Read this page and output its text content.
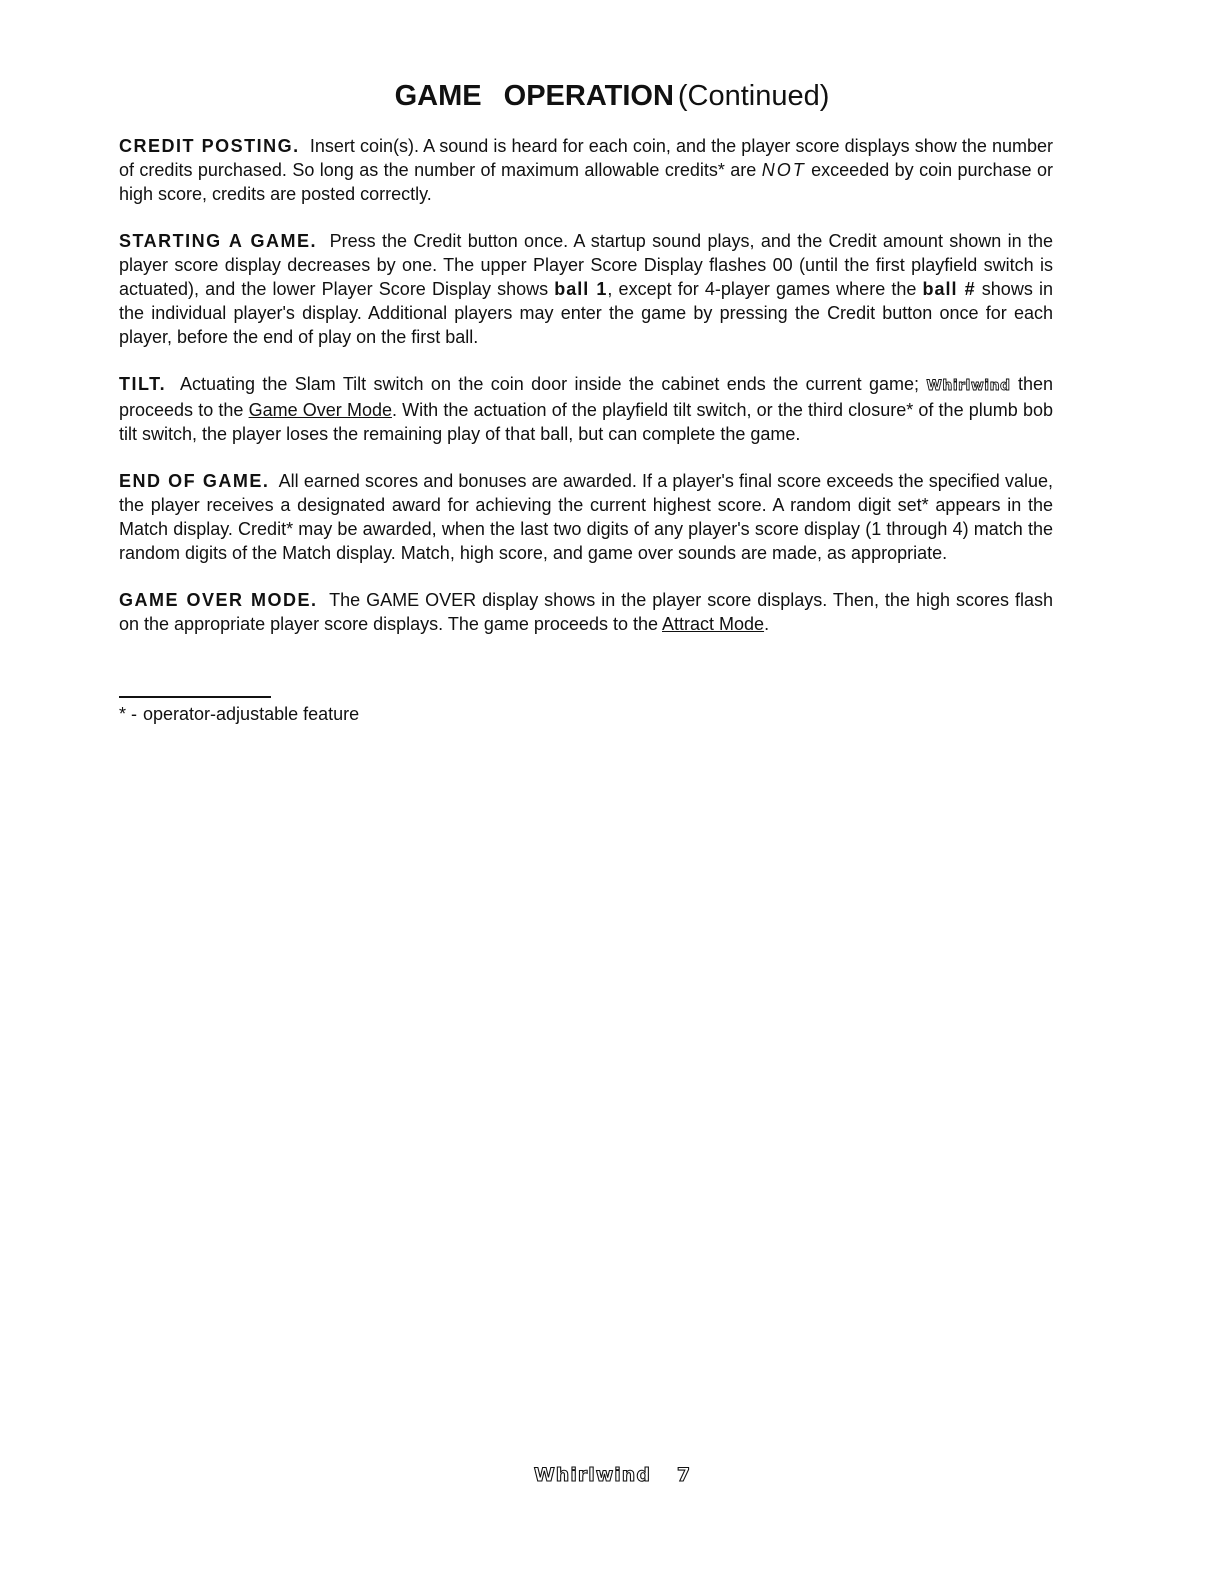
GAME OPERATION (Continued)

CREDIT POSTING. Insert coin(s). A sound is heard for each coin, and the player score displays show the number of credits purchased. So long as the number of maximum allowable credits* are NOT exceeded by coin purchase or high score, credits are posted correctly.

STARTING A GAME. Press the Credit button once. A startup sound plays, and the Credit amount shown in the player score display decreases by one. The upper Player Score Display flashes 00 (until the first playfield switch is actuated), and the lower Player Score Display shows ball 1, except for 4-player games where the ball # shows in the individual player's display. Additional players may enter the game by pressing the Credit button once for each player, before the end of play on the first ball.

TILT. Actuating the Slam Tilt switch on the coin door inside the cabinet ends the current game; Whirlwind then proceeds to the Game Over Mode. With the actuation of the playfield tilt switch, or the third closure* of the plumb bob tilt switch, the player loses the remaining play of that ball, but can complete the game.

END OF GAME. All earned scores and bonuses are awarded. If a player's final score exceeds the specified value, the player receives a designated award for achieving the current highest score. A random digit set* appears in the Match display. Credit* may be awarded, when the last two digits of any player's score display (1 through 4) match the random digits of the Match display. Match, high score, and game over sounds are made, as appropriate.

GAME OVER MODE. The GAME OVER display shows in the player score displays. Then, the high scores flash on the appropriate player score displays. The game proceeds to the Attract Mode.

* - operator-adjustable feature
Whirlwind 7
